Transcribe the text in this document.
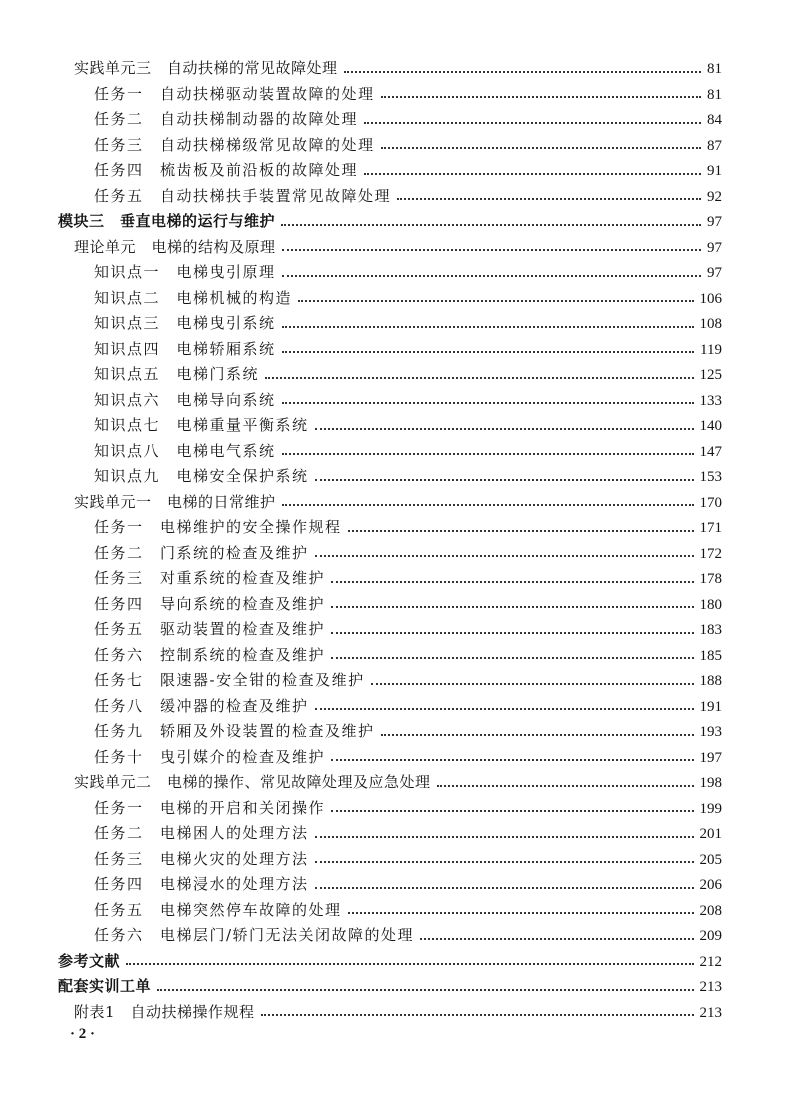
实践单元三　自动扶梯的常见故障处理	81
任务一　自动扶梯驱动装置故障的处理	81
任务二　自动扶梯制动器的故障处理	84
任务三　自动扶梯梯级常见故障的处理	87
任务四　梳齿板及前沿板的故障处理	91
任务五　自动扶梯扶手装置常见故障处理	92
模块三　垂直电梯的运行与维护	97
理论单元　电梯的结构及原理	97
知识点一　电梯曳引原理	97
知识点二　电梯机械的构造	106
知识点三　电梯曳引系统	108
知识点四　电梯轿厢系统	119
知识点五　电梯门系统	125
知识点六　电梯导向系统	133
知识点七　电梯重量平衡系统	140
知识点八　电梯电气系统	147
知识点九　电梯安全保护系统	153
实践单元一　电梯的日常维护	170
任务一　电梯维护的安全操作规程	171
任务二　门系统的检查及维护	172
任务三　对重系统的检查及维护	178
任务四　导向系统的检查及维护	180
任务五　驱动装置的检查及维护	183
任务六　控制系统的检查及维护	185
任务七　限速器-安全钳的检查及维护	188
任务八　缓冲器的检查及维护	191
任务九　轿厢及外设装置的检查及维护	193
任务十　曳引媒介的检查及维护	197
实践单元二　电梯的操作、常见故障处理及应急处理	198
任务一　电梯的开启和关闭操作	199
任务二　电梯困人的处理方法	201
任务三　电梯火灾的处理方法	205
任务四　电梯浸水的处理方法	206
任务五　电梯突然停车故障的处理	208
任务六　电梯层门/轿门无法关闭故障的处理	209
参考文献	212
配套实训工单	213
附表1　自动扶梯操作规程	213
· 2 ·
